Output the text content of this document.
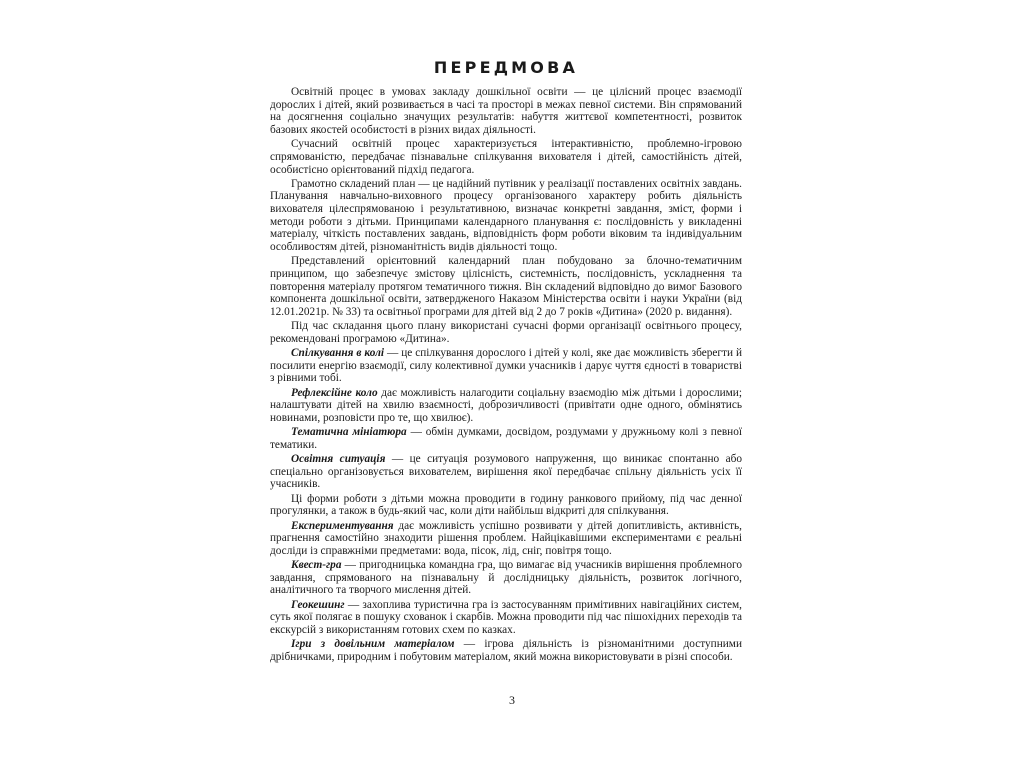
ПЕРЕДМОВА

Освітній процес в умовах закладу дошкільної освіти — це цілісний процес взаємодії дорослих і дітей, який розвивається в часі та просторі в межах певної системи. Він спрямований на досягнення соціально значущих результатів: набуття життєвої компетентності, розвиток базових якостей особистості в різних видах діяльності.

Сучасний освітній процес характеризується інтерактивністю, проблемно-ігровою спрямованістю, передбачає пізнавальне спілкування вихователя і дітей, самостійність дітей, особистісно орієнтований підхід педагога.

Грамотно складений план — це надійний путівник у реалізації поставлених освітніх завдань. Планування навчально-виховного процесу організованого характеру робить діяльність вихователя цілеспрямованою і результативною, визначає конкретні завдання, зміст, форми і методи роботи з дітьми. Принципами календарного планування є: послідовність у викладенні матеріалу, чіткість поставлених завдань, відповідність форм роботи віковим та індивідуальним особливостям дітей, різноманітність видів діяльності тощо.

Представлений орієнтовний календарний план побудовано за блочно-тематичним принципом, що забезпечує змістову цілісність, системність, послідовність, ускладнення та повторення матеріалу протягом тематичного тижня. Він складений відповідно до вимог Базового компонента дошкільної освіти, затвердженого Наказом Міністерства освіти і науки України (від 12.01.2021р. № 33) та освітньої програми для дітей від 2 до 7 років «Дитина» (2020 р. видання).

Під час складання цього плану використані сучасні форми організації освітнього процесу, рекомендовані програмою «Дитина».

Спілкування в колі — це спілкування дорослого і дітей у колі, яке дає можливість зберегти й посилити енергію взаємодії, силу колективної думки учасників і дарує чуття єдності в товаристві з рівними тобі.

Рефлексійне коло дає можливість налагодити соціальну взаємодію між дітьми і дорослими; налаштувати дітей на хвилю взаємності, доброзичливості (привітати одне одного, обмінятись новинами, розповісти про те, що хвилює).

Тематична мініатюра — обмін думками, досвідом, роздумами у дружньому колі з певної тематики.

Освітня ситуація — це ситуація розумового напруження, що виникає спонтанно або спеціально організовується вихователем, вирішення якої передбачає спільну діяльність усіх її учасників.

Ці форми роботи з дітьми можна проводити в годину ранкового прийому, під час денної прогулянки, а також в будь-який час, коли діти найбільш відкриті для спілкування.

Експериментування дає можливість успішно розвивати у дітей допитливість, активність, прагнення самостійно знаходити рішення проблем. Найцікавішими експериментами є реальні досліди із справжніми предметами: вода, пісок, лід, сніг, повітря тощо.

Квест-гра — пригодницька командна гра, що вимагає від учасників вирішення проблемного завдання, спрямованого на пізнавальну й дослідницьку діяльність, розвиток логічного, аналітичного та творчого мислення дітей.

Геокешинг — захоплива туристична гра із застосуванням примітивних навігаційних систем, суть якої полягає в пошуку схованок і скарбів. Можна проводити під час пішохідних переходів та екскурсій з використанням готових схем по казках.

Ігри з довільним матеріалом — ігрова діяльність із різноманітними доступними дрібничками, природним і побутовим матеріалом, який можна використовувати в різні способи.

3
